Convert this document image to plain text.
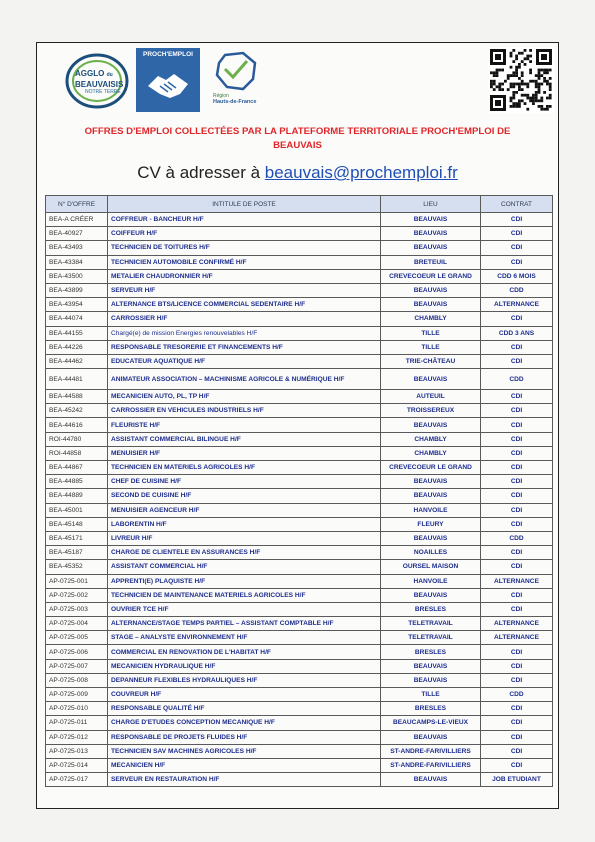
AGGLO du
BEAUVAISIS
NOTRE TERRE
PROCH'EMPLOI
Région
Hauts-de-France
OFFRES D'EMPLOI COLLECTÉES PAR LA PLATEFORME TERRITORIALE PROCH'EMPLOI DE
BEAUVAIS
CV à adresser à beauvais@prochemploi.fr
N° D'OFFRE	INTITULE DE POSTE	LIEU	CONTRAT
BEA-A CRÉER	COFFREUR - BANCHEUR H/F	BEAUVAIS	CDI
BEA-40927	COIFFEUR H/F	BEAUVAIS	CDI
BEA-43493	TECHNICIEN DE TOITURES H/F	BEAUVAIS	CDI
BEA-43384	TECHNICIEN AUTOMOBILE CONFIRMÉ H/F	BRETEUIL	CDI
BEA-43500	METALIER CHAUDRONNIER H/F	CREVECOEUR LE GRAND	CDD 6 MOIS
BEA-43899	SERVEUR H/F	BEAUVAIS	CDD
BEA-43954	ALTERNANCE BTS/LICENCE COMMERCIAL SEDENTAIRE H/F	BEAUVAIS	ALTERNANCE
BEA-44074	CARROSSIER H/F	CHAMBLY	CDI
BEA-44155	Chargé(e) de mission Energies renouvelables H/F	TILLE	CDD 3 ANS
BEA-44226	RESPONSABLE TRESORERIE ET FINANCEMENTS H/F	TILLE	CDI
BEA-44462	EDUCATEUR AQUATIQUE H/F	TRIE-CHÂTEAU	CDI
BEA-44481	ANIMATEUR ASSOCIATION – MACHINISME AGRICOLE & NUMÉRIQUE H/F	BEAUVAIS	CDD
BEA-44588	MECANICIEN AUTO, PL, TP H/F	AUTEUIL	CDI
BEA-45242	CARROSSIER EN VEHICULES INDUSTRIELS H/F	TROISSEREUX	CDI
BEA-44616	FLEURISTE H/F	BEAUVAIS	CDI
ROI-44780	ASSISTANT COMMERCIAL BILINGUE H/F	CHAMBLY	CDI
ROI-44858	MENUISIER H/F	CHAMBLY	CDI
BEA-44867	TECHNICIEN EN MATERIELS AGRICOLES H/F	CREVECOEUR LE GRAND	CDI
BEA-44885	CHEF DE CUISINE H/F	BEAUVAIS	CDI
BEA-44889	SECOND DE CUISINE H/F	BEAUVAIS	CDI
BEA-45001	MENUISIER AGENCEUR H/F	HANVOILE	CDI
BEA-45148	LABORENTIN H/F	FLEURY	CDI
BEA-45171	LIVREUR H/F	BEAUVAIS	CDD
BEA-45187	CHARGE DE CLIENTELE EN ASSURANCES H/F	NOAILLES	CDI
BEA-45352	ASSISTANT COMMERCIAL H/F	OURSEL MAISON	CDI
AP-0725-001	APPRENTI(E) PLAQUISTE H/F	HANVOILE	ALTERNANCE
AP-0725-002	TECHNICIEN DE MAINTENANCE MATERIELS AGRICOLES H/F	BEAUVAIS	CDI
AP-0725-003	OUVRIER TCE H/F	BRESLES	CDI
AP-0725-004	ALTERNANCE/STAGE TEMPS PARTIEL – ASSISTANT COMPTABLE H/F	TELETRAVAIL	ALTERNANCE
AP-0725-005	STAGE – ANALYSTE ENVIRONNEMENT H/F	TELETRAVAIL	ALTERNANCE
AP-0725-006	COMMERCIAL EN RENOVATION DE L'HABITAT H/F	BRESLES	CDI
AP-0725-007	MECANICIEN HYDRAULIQUE H/F	BEAUVAIS	CDI
AP-0725-008	DEPANNEUR FLEXIBLES HYDRAULIQUES H/F	BEAUVAIS	CDI
AP-0725-009	COUVREUR H/F	TILLE	CDD
AP-0725-010	RESPONSABLE QUALITÉ H/F	BRESLES	CDI
AP-0725-011	CHARGE D'ETUDES CONCEPTION MECANIQUE H/F	BEAUCAMPS-LE-VIEUX	CDI
AP-0725-012	RESPONSABLE DE PROJETS FLUIDES H/F	BEAUVAIS	CDI
AP-0725-013	TECHNICIEN SAV MACHINES AGRICOLES H/F	ST-ANDRE-FARIVILLIERS	CDI
AP-0725-014	MECANICIEN H/F	ST-ANDRE-FARIVILLIERS	CDI
AP-0725-017	SERVEUR EN RESTAURATION H/F	BEAUVAIS	JOB ETUDIANT
